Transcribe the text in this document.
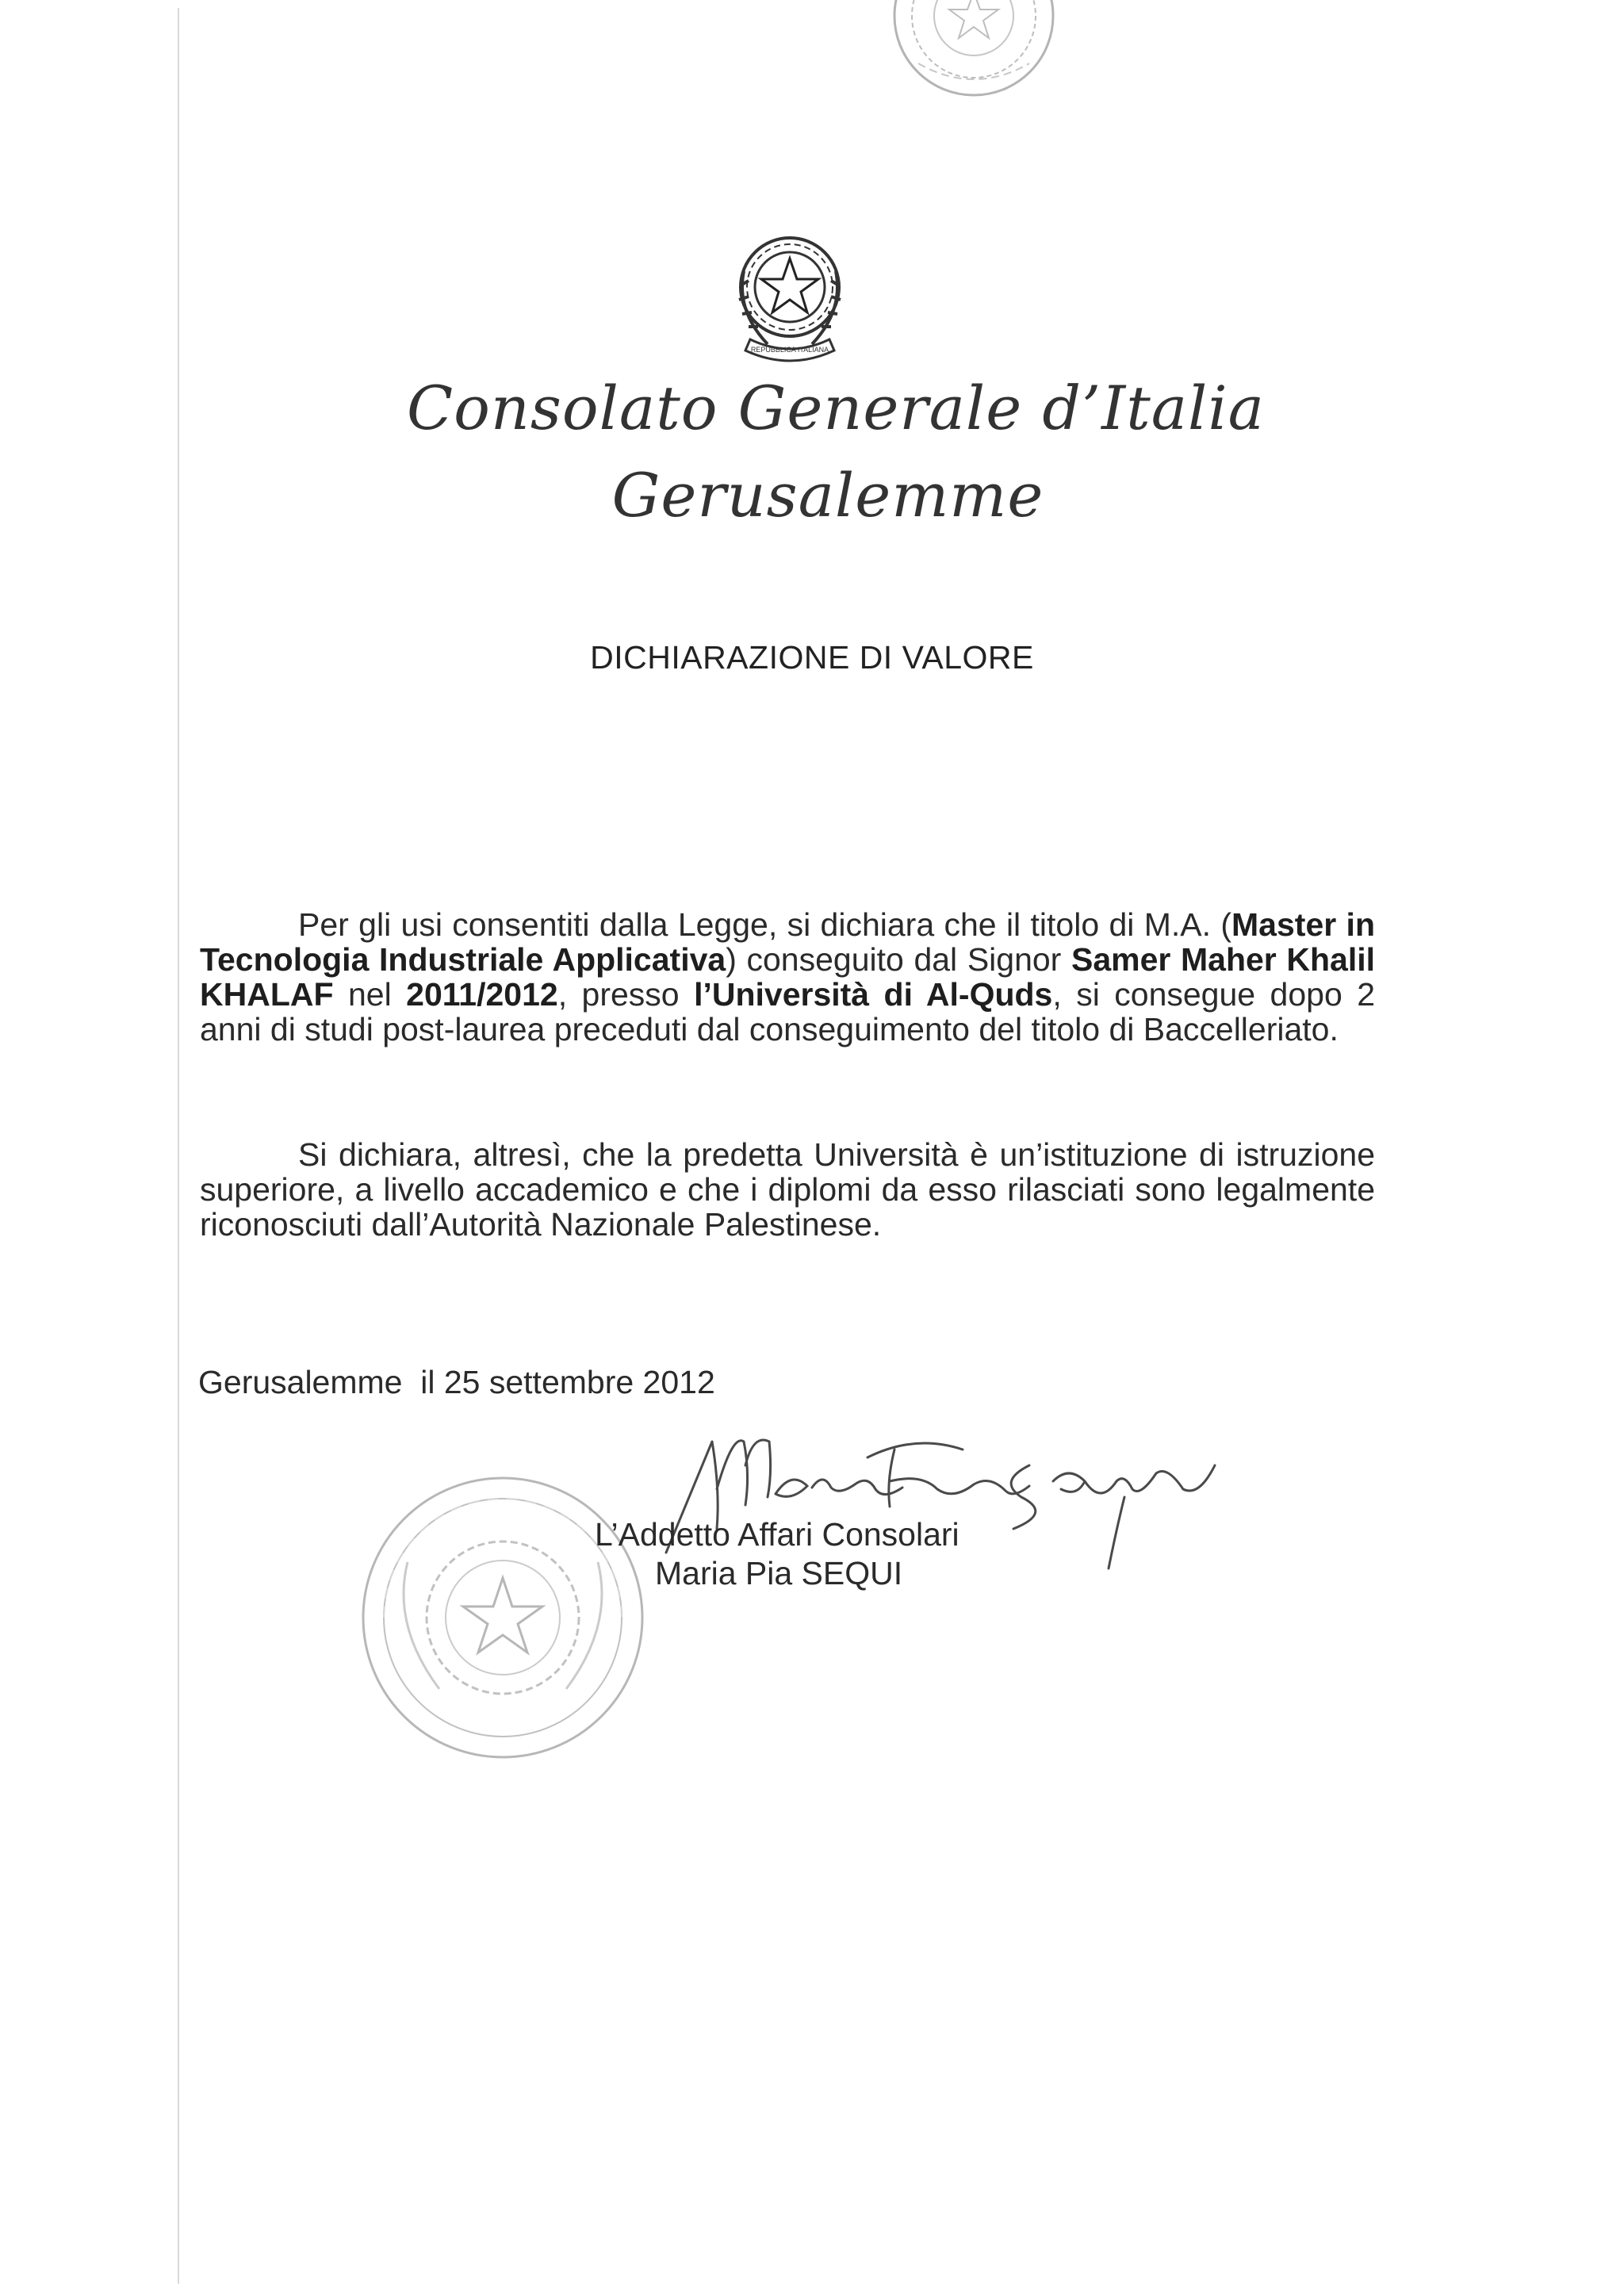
REPUBBLICA ITALIANA
Consolato Generale d’Italia
Gerusalemme
DICHIARAZIONE DI VALORE
Per gli usi consentiti dalla Legge, si dichiara che il titolo di M.A. (Master in Tecnologia Industriale Applicativa) conseguito dal Signor Samer Maher Khalil KHALAF nel 2011/2012, presso l’Università di Al-Quds, si consegue dopo 2 anni di studi post-laurea preceduti dal conseguimento del titolo di Baccelleriato.
Si dichiara, altresì, che la predetta Università è un’istituzione di istruzione superiore, a livello accademico e che i diplomi da esso rilasciati sono legalmente riconosciuti dall’Autorità Nazionale Palestinese.
Gerusalemme  il 25 settembre 2012
L’Addetto Affari Consolari
Maria Pia SEQUI
